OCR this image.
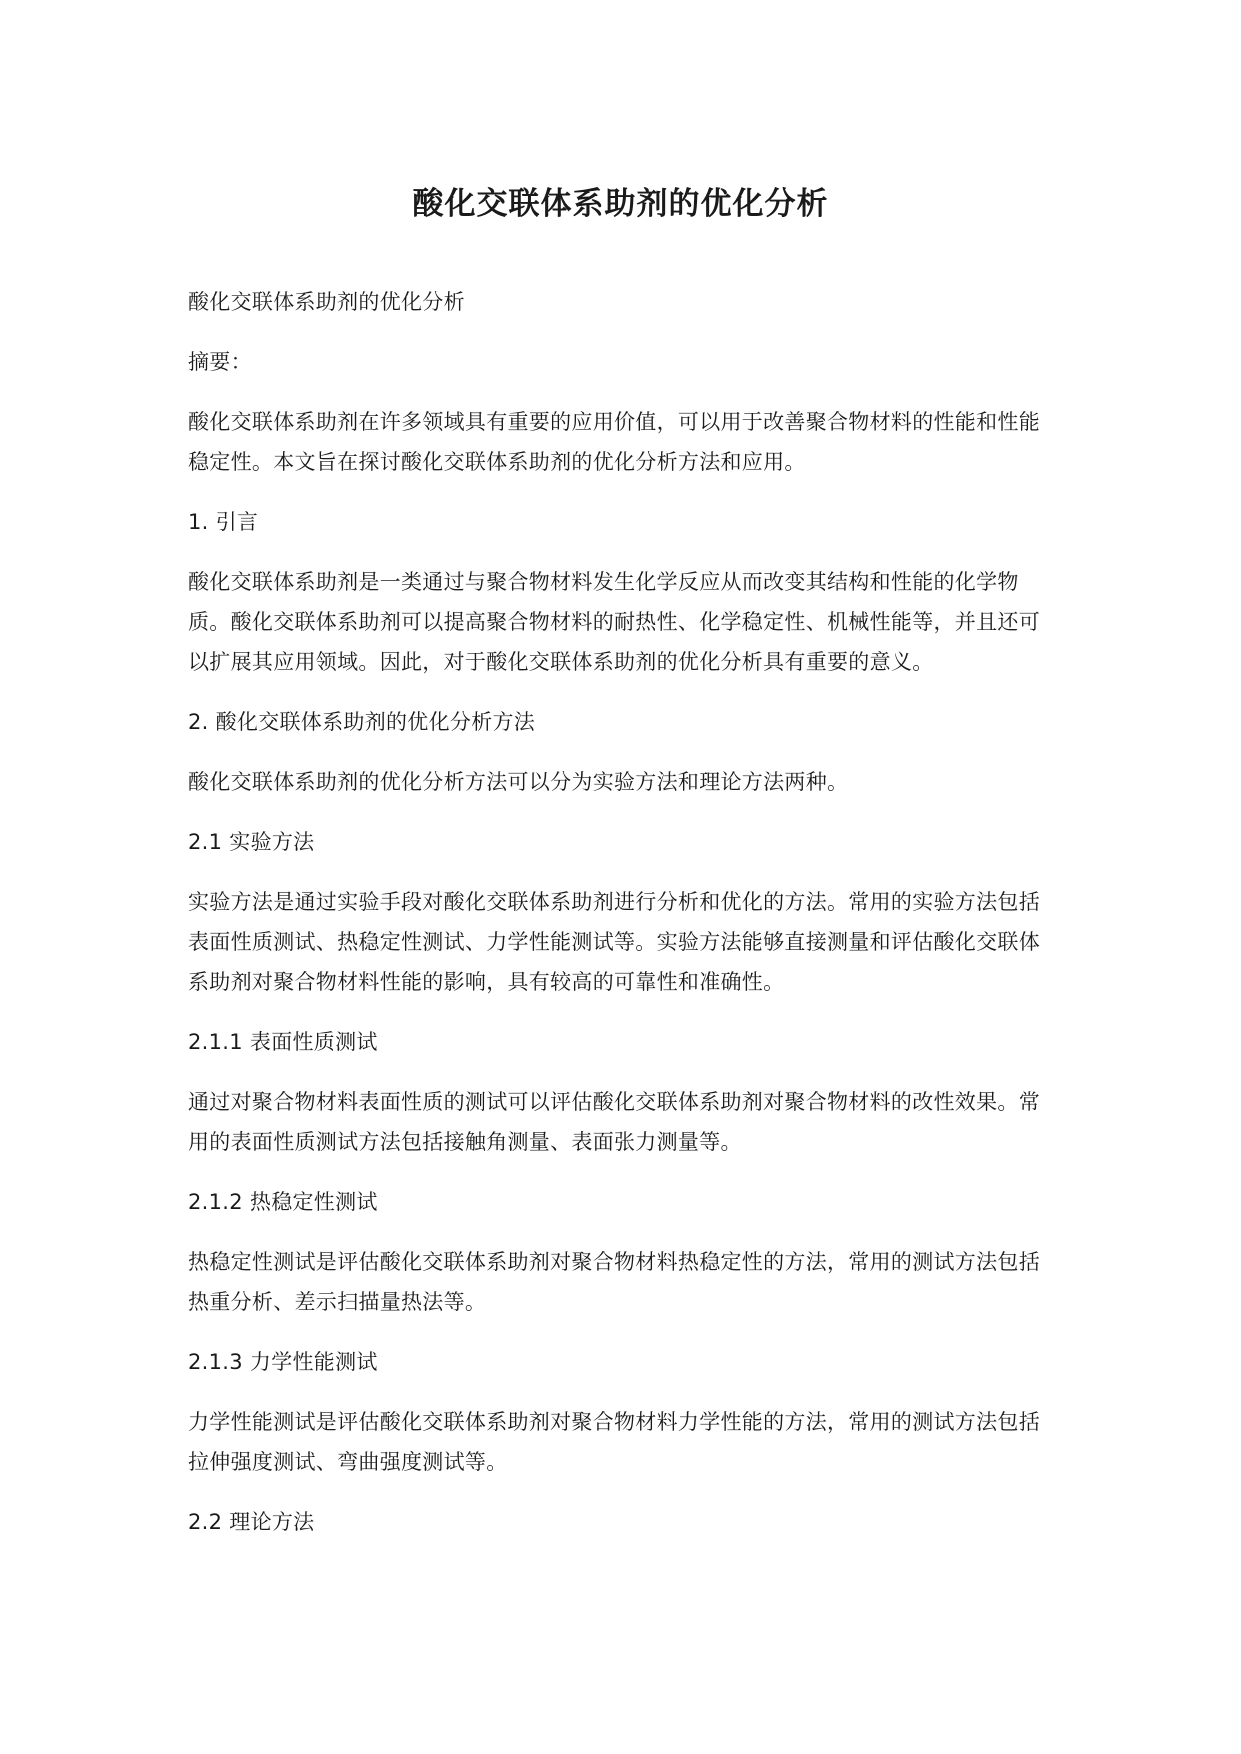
酸化交联体系助剂的优化分析

酸化交联体系助剂的优化分析

摘要：

酸化交联体系助剂在许多领域具有重要的应用价值，可以用于改善聚合物材料的性能和性能稳定性。本文旨在探讨酸化交联体系助剂的优化分析方法和应用。

1. 引言

酸化交联体系助剂是一类通过与聚合物材料发生化学反应从而改变其结构和性能的化学物质。酸化交联体系助剂可以提高聚合物材料的耐热性、化学稳定性、机械性能等，并且还可以扩展其应用领域。因此，对于酸化交联体系助剂的优化分析具有重要的意义。

2. 酸化交联体系助剂的优化分析方法

酸化交联体系助剂的优化分析方法可以分为实验方法和理论方法两种。

2.1 实验方法

实验方法是通过实验手段对酸化交联体系助剂进行分析和优化的方法。常用的实验方法包括表面性质测试、热稳定性测试、力学性能测试等。实验方法能够直接测量和评估酸化交联体系助剂对聚合物材料性能的影响，具有较高的可靠性和准确性。

2.1.1 表面性质测试

通过对聚合物材料表面性质的测试可以评估酸化交联体系助剂对聚合物材料的改性效果。常用的表面性质测试方法包括接触角测量、表面张力测量等。

2.1.2 热稳定性测试

热稳定性测试是评估酸化交联体系助剂对聚合物材料热稳定性的方法，常用的测试方法包括热重分析、差示扫描量热法等。

2.1.3 力学性能测试

力学性能测试是评估酸化交联体系助剂对聚合物材料力学性能的方法，常用的测试方法包括拉伸强度测试、弯曲强度测试等。

2.2 理论方法
